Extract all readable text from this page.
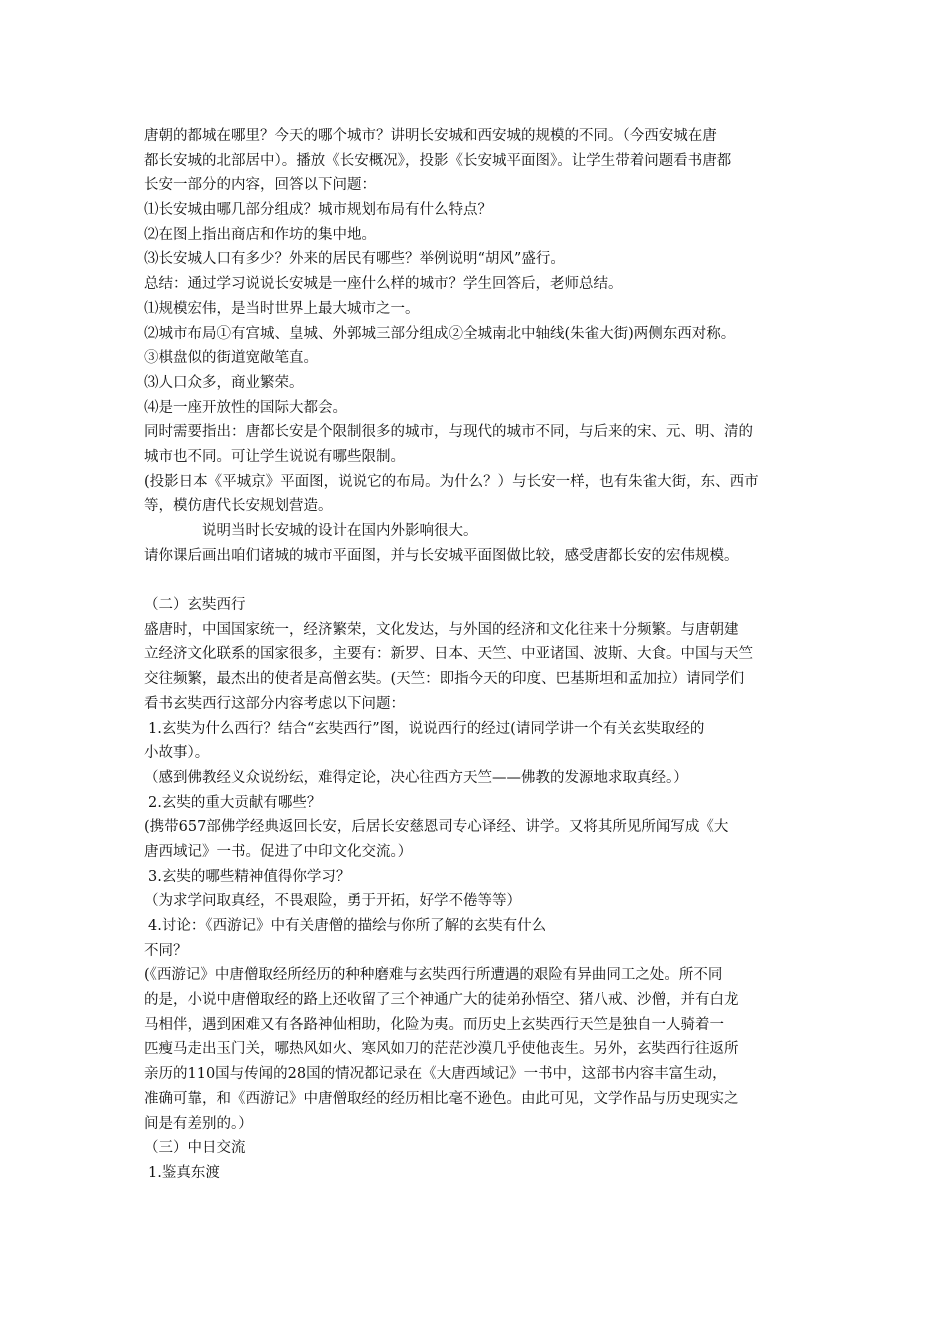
唐朝的都城在哪里？今天的哪个城市？讲明长安城和西安城的规模的不同。（今西安城在唐
都长安城的北部居中）。播放《长安概况》，投影《长安城平面图》。让学生带着问题看书唐都
长安一部分的内容，回答以下问题：
⑴长安城由哪几部分组成？城市规划布局有什么特点？
⑵在图上指出商店和作坊的集中地。
⑶长安城人口有多少？外来的居民有哪些？举例说明“胡风”盛行。
总结：通过学习说说长安城是一座什么样的城市？学生回答后，老师总结。
⑴规模宏伟，是当时世界上最大城市之一。
⑵城市布局①有宫城、皇城、外郭城三部分组成②全城南北中轴线(朱雀大街)两侧东西对称。
③棋盘似的街道宽敞笔直。
⑶人口众多，商业繁荣。
⑷是一座开放性的国际大都会。
同时需要指出：唐都长安是个限制很多的城市，与现代的城市不同，与后来的宋、元、明、清的
城市也不同。可让学生说说有哪些限制。
(投影日本《平城京》平面图，说说它的布局。为什么？）与长安一样，也有朱雀大街，东、西市
等，模仿唐代长安规划营造。
说明当时长安城的设计在国内外影响很大。
请你课后画出咱们诸城的城市平面图，并与长安城平面图做比较，感受唐都长安的宏伟规模。
（二）玄奘西行
盛唐时，中国国家统一，经济繁荣，文化发达，与外国的经济和文化往来十分频繁。与唐朝建
立经济文化联系的国家很多，主要有：新罗、日本、天竺、中亚诸国、波斯、大食。中国与天竺
交往频繁，最杰出的使者是高僧玄奘。(天竺：即指今天的印度、巴基斯坦和孟加拉）请同学们
看书玄奘西行这部分内容考虑以下问题：
1.玄奘为什么西行？结合“玄奘西行”图，说说西行的经过(请同学讲一个有关玄奘取经的
小故事）。
（感到佛教经义众说纷纭，难得定论，决心往西方天竺——佛教的发源地求取真经。）
2.玄奘的重大贡献有哪些？
(携带657部佛学经典返回长安，后居长安慈恩司专心译经、讲学。又将其所见所闻写成《大
唐西域记》一书。促进了中印文化交流。）
3.玄奘的哪些精神值得你学习？
（为求学问取真经，不畏艰险，勇于开拓，好学不倦等等）
4.讨论：《西游记》中有关唐僧的描绘与你所了解的玄奘有什么
不同？
(《西游记》中唐僧取经所经历的种种磨难与玄奘西行所遭遇的艰险有异曲同工之处。所不同
的是，小说中唐僧取经的路上还收留了三个神通广大的徒弟孙悟空、猪八戒、沙僧，并有白龙
马相伴，遇到困难又有各路神仙相助，化险为夷。而历史上玄奘西行天竺是独自一人骑着一
匹瘦马走出玉门关，哪热风如火、寒风如刀的茫茫沙漠几乎使他丧生。另外，玄奘西行往返所
亲历的110国与传闻的28国的情况都记录在《大唐西域记》一书中，这部书内容丰富生动，
准确可靠，和《西游记》中唐僧取经的经历相比毫不逊色。由此可见，文学作品与历史现实之
间是有差别的。）
（三）中日交流
1.鉴真东渡
